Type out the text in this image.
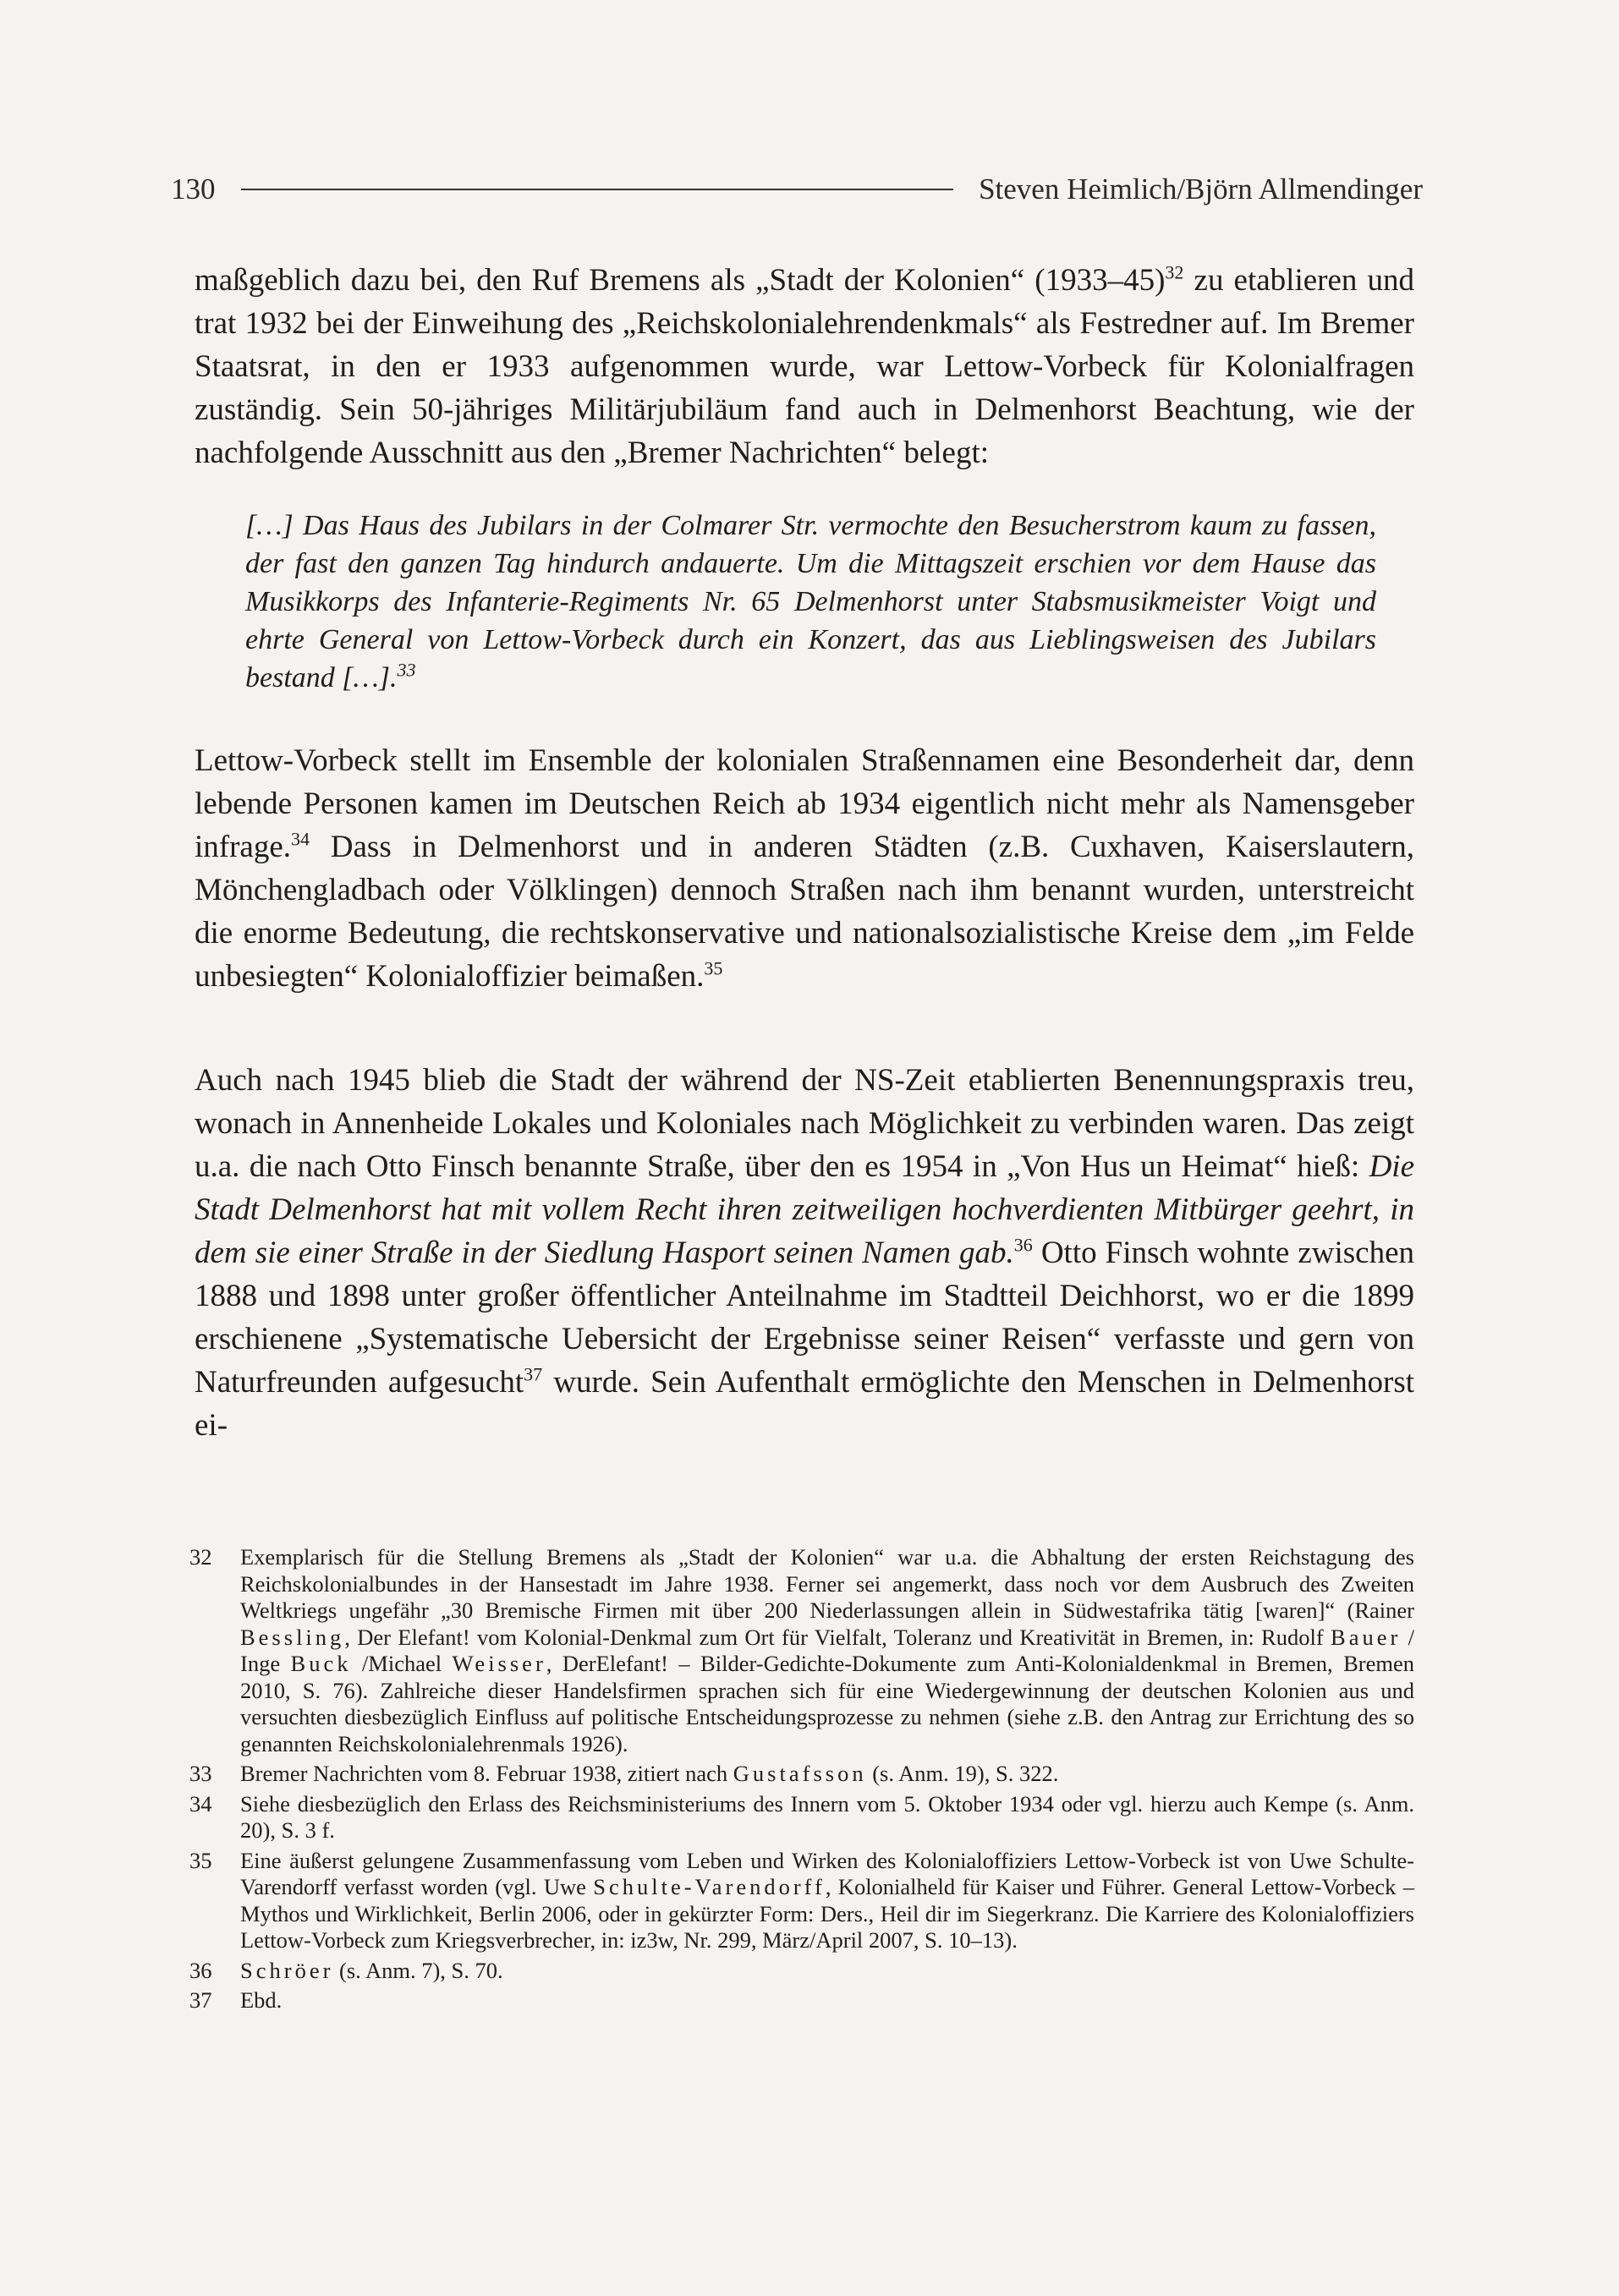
130	Steven Heimlich/Björn Allmendinger

maßgeblich dazu bei, den Ruf Bremens als „Stadt der Kolonien“ (1933–45)$^{32}$ zu etablieren und trat 1932 bei der Einweihung des „Reichskolonialehrendenkmals“ als Festredner auf. Im Bremer Staatsrat, in den er 1933 aufgenommen wurde, war Lettow-Vorbeck für Kolonialfragen zuständig. Sein 50-jähriges Militärjubiläum fand auch in Delmenhorst Beachtung, wie der nachfolgende Ausschnitt aus den „Bremer Nachrichten“ belegt:

[…] Das Haus des Jubilars in der Colmarer Str. vermochte den Besucherstrom kaum zu fassen, der fast den ganzen Tag hindurch andauerte. Um die Mittagszeit erschien vor dem Hause das Musikkorps des Infanterie-Regiments Nr. 65 Delmenhorst unter Stabsmusikmeister Voigt und ehrte General von Lettow-Vorbeck durch ein Konzert, das aus Lieblingsweisen des Jubilars bestand […].$^{33}$

Lettow-Vorbeck stellt im Ensemble der kolonialen Straßennamen eine Besonderheit dar, denn lebende Personen kamen im Deutschen Reich ab 1934 eigentlich nicht mehr als Namensgeber infrage.$^{34}$ Dass in Delmenhorst und in anderen Städten (z.B. Cuxhaven, Kaiserslautern, Mönchengladbach oder Völklingen) dennoch Straßen nach ihm benannt wurden, unterstreicht die enorme Bedeutung, die rechtskonservative und nationalsozialistische Kreise dem „im Felde unbesiegten“ Kolonialoffizier beimaßen.$^{35}$

Auch nach 1945 blieb die Stadt der während der NS-Zeit etablierten Benennungspraxis treu, wonach in Annenheide Lokales und Koloniales nach Möglichkeit zu verbinden waren. Das zeigt u.a. die nach Otto Finsch benannte Straße, über den es 1954 in „Von Hus un Heimat“ hieß: Die Stadt Delmenhorst hat mit vollem Recht ihren zeitweiligen hochverdienten Mitbürger geehrt, in dem sie einer Straße in der Siedlung Hasport seinen Namen gab.$^{36}$ Otto Finsch wohnte zwischen 1888 und 1898 unter großer öffentlicher Anteilnahme im Stadtteil Deichhorst, wo er die 1899 erschienene „Systematische Uebersicht der Ergebnisse seiner Reisen“ verfasste und gern von Naturfreunden aufgesucht$^{37}$ wurde. Sein Aufenthalt ermöglichte den Menschen in Delmenhorst ei-

32	Exemplarisch für die Stellung Bremens als „Stadt der Kolonien“ war u.a. die Abhaltung der ersten Reichstagung des Reichskolonialbundes in der Hansestadt im Jahre 1938. Ferner sei angemerkt, dass noch vor dem Ausbruch des Zweiten Weltkriegs ungefähr „30 Bremische Firmen mit über 200 Niederlassungen allein in Südwestafrika tätig [waren]“ (Rainer Bessling, Der Elefant! vom Kolonial-Denkmal zum Ort für Vielfalt, Toleranz und Kreativität in Bremen, in: Rudolf Bauer / Inge Buck /Michael Weisser, DerElefant! – Bilder-Gedichte-Dokumente zum Anti-Kolonialdenkmal in Bremen, Bremen 2010, S. 76). Zahlreiche dieser Handelsfirmen sprachen sich für eine Wiedergewinnung der deutschen Kolonien aus und versuchten diesbezüglich Einfluss auf politische Entscheidungsprozesse zu nehmen (siehe z.B. den Antrag zur Errichtung des so genannten Reichskolonialehrenmals 1926).
33	Bremer Nachrichten vom 8. Februar 1938, zitiert nach Gustafsson (s. Anm. 19), S. 322.
34	Siehe diesbezüglich den Erlass des Reichsministeriums des Innern vom 5. Oktober 1934 oder vgl. hierzu auch Kempe (s. Anm. 20), S. 3 f.
35	Eine äußerst gelungene Zusammenfassung vom Leben und Wirken des Kolonialoffiziers Lettow-Vorbeck ist von Uwe Schulte-Varendorff verfasst worden (vgl. Uwe Schulte-Varendorff, Kolonialheld für Kaiser und Führer. General Lettow-Vorbeck – Mythos und Wirklichkeit, Berlin 2006, oder in gekürzter Form: Ders., Heil dir im Siegerkranz. Die Karriere des Kolonialoffiziers Lettow-Vorbeck zum Kriegsverbrecher, in: iz3w, Nr. 299, März/April 2007, S. 10–13).
36	Schröer (s. Anm. 7), S. 70.
37	Ebd.
